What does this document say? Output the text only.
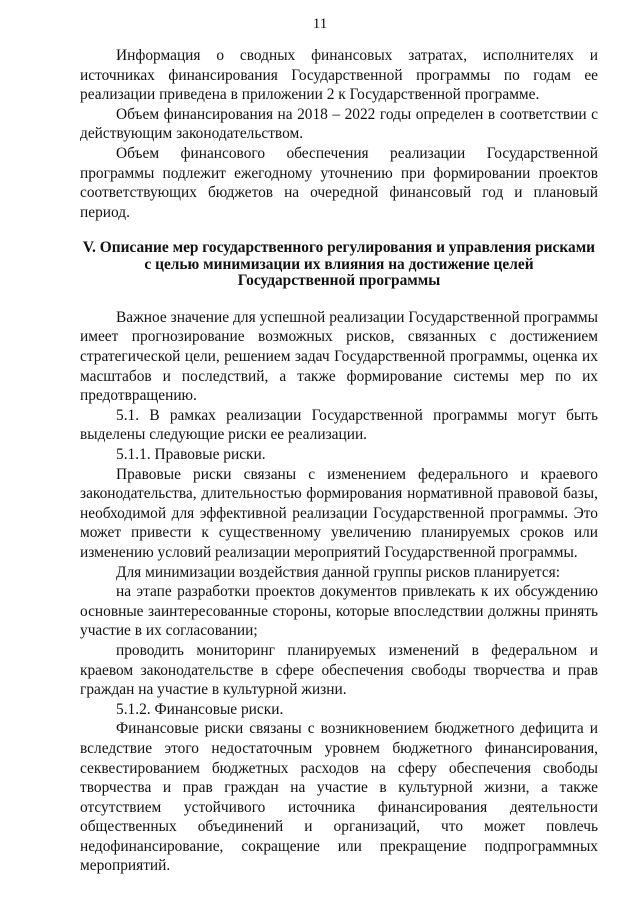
11

Информация о сводных финансовых затратах, исполнителях и источниках финансирования Государственной программы по годам ее реализации приведена в приложении 2 к Государственной программе.

Объем финансирования на 2018 – 2022 годы определен в соответствии с действующим законодательством.

Объем финансового обеспечения реализации Государственной программы подлежит ежегодному уточнению при формировании проектов соответствующих бюджетов на очередной финансовый год и плановый период.

V. Описание мер государственного регулирования и управления рисками
с целью минимизации их влияния на достижение целей
Государственной программы

Важное значение для успешной реализации Государственной программы имеет прогнозирование возможных рисков, связанных с достижением стратегической цели, решением задач Государственной программы, оценка их масштабов и последствий, а также формирование системы мер по их предотвращению.

5.1. В рамках реализации Государственной программы могут быть выделены следующие риски ее реализации.

5.1.1. Правовые риски.

Правовые риски связаны с изменением федерального и краевого законодательства, длительностью формирования нормативной правовой базы, необходимой для эффективной реализации Государственной программы. Это может привести к существенному увеличению планируемых сроков или изменению условий реализации мероприятий Государственной программы.

Для минимизации воздействия данной группы рисков планируется:

на этапе разработки проектов документов привлекать к их обсуждению основные заинтересованные стороны, которые впоследствии должны принять участие в их согласовании;

проводить мониторинг планируемых изменений в федеральном и краевом законодательстве в сфере обеспечения свободы творчества и прав граждан на участие в культурной жизни.

5.1.2. Финансовые риски.

Финансовые риски связаны с возникновением бюджетного дефицита и вследствие этого недостаточным уровнем бюджетного финансирования, секвестированием бюджетных расходов на сферу обеспечения свободы творчества и прав граждан на участие в культурной жизни, а также отсутствием устойчивого источника финансирования деятельности общественных объединений и организаций, что может повлечь недофинансирование, сокращение или прекращение подпрограммных мероприятий.
